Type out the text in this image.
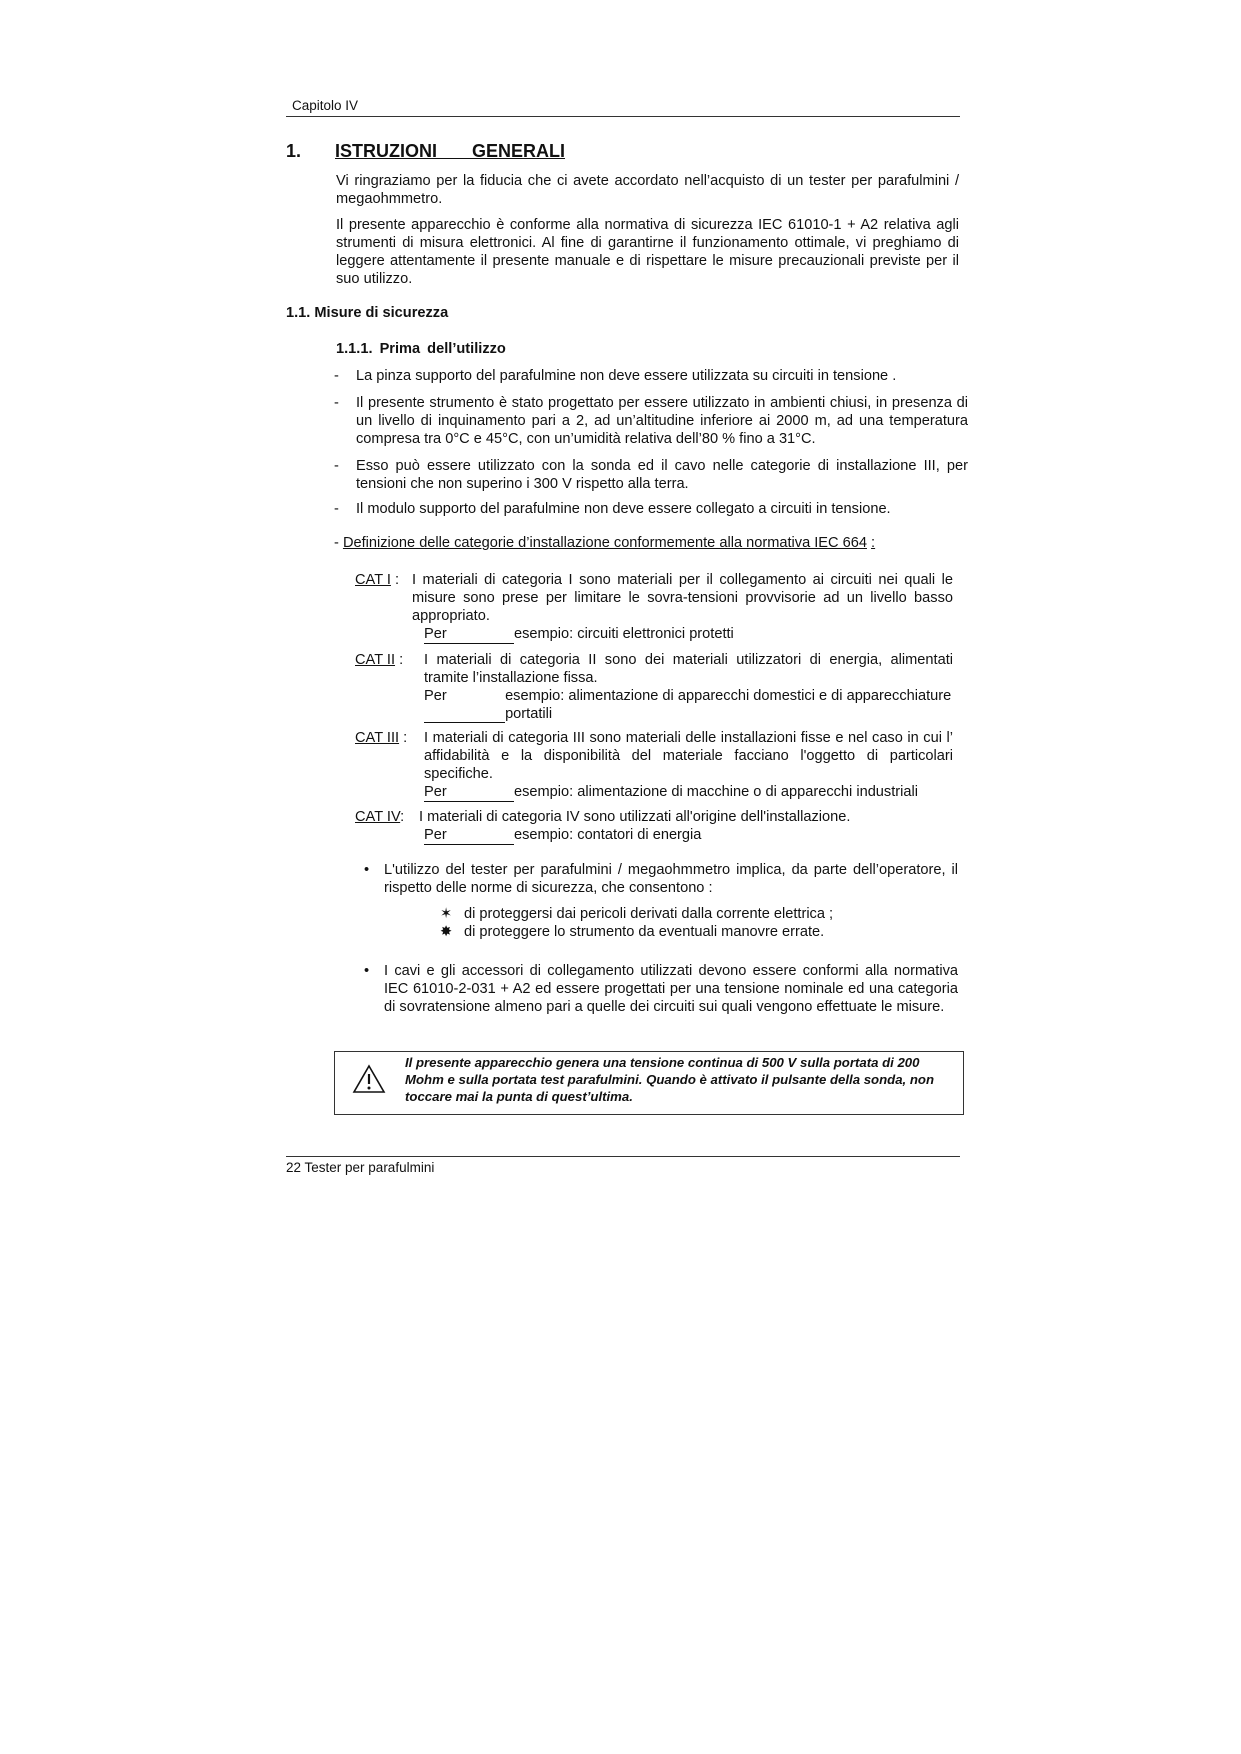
Capitolo IV
1. ISTRUZIONI GENERALI
Vi ringraziamo per la fiducia che ci avete accordato nell’acquisto di un tester per parafulmini / megaohmmetro.
Il presente apparecchio è conforme alla normativa di sicurezza IEC 61010-1 + A2 relativa agli strumenti di misura elettronici. Al fine di garantirne il funzionamento ottimale, vi preghiamo di leggere attentamente il presente manuale e di rispettare le misure precauzionali previste per il suo utilizzo.
1.1. Misure di sicurezza
1.1.1. Prima dell’utilizzo
- La pinza supporto del parafulmine non deve essere utilizzata su circuiti in tensione .
- Il presente strumento è stato progettato per essere utilizzato in ambienti chiusi, in presenza di un livello di inquinamento pari a 2, ad un’altitudine inferiore ai 2000 m, ad una temperatura compresa tra 0°C e 45°C, con un’umidità relativa dell’80 % fino a 31°C.
- Esso può essere utilizzato con la sonda ed il cavo nelle categorie di installazione III, per tensioni che non superino i 300 V rispetto alla terra.
- Il modulo supporto del parafulmine non deve essere collegato a circuiti in tensione.
- Definizione delle categorie d’installazione conformemente alla normativa IEC 664 :
CAT I : I materiali di categoria I sono materiali per il collegamento ai circuiti nei quali le misure sono prese per limitare le sovra-tensioni provvisorie ad un livello basso appropriato.
Per	esempio: circuiti elettronici protetti
CAT II :	I materiali di categoria II sono dei materiali utilizzatori di energia, alimentati tramite l’installazione fissa.
Per	esempio: alimentazione di apparecchi domestici e di apparecchiature portatili
CAT III :	I materiali di categoria III sono materiali delle installazioni fisse e nel caso in cui l’ affidabilità e la disponibilità del materiale facciano l'oggetto di particolari specifiche.
Per	esempio: alimentazione di macchine o di apparecchi industriali
CAT IV:	I materiali di categoria IV sono utilizzati all'origine dell'installazione.
Per	esempio: contatori di energia
• L'utilizzo del tester per parafulmini / megaohmmetro implica, da parte dell’operatore, il rispetto delle norme di sicurezza, che consentono :
✶ di proteggersi dai pericoli derivati dalla corrente elettrica ;
✸ di proteggere lo strumento da eventuali manovre errate.
• I cavi e gli accessori di collegamento utilizzati devono essere conformi alla normativa IEC 61010-2-031 + A2 ed essere progettati per una tensione nominale ed una categoria di sovratensione almeno pari a quelle dei circuiti sui quali vengono effettuate le misure.
Il presente apparecchio genera una tensione continua di 500 V sulla portata di 200 Mohm e sulla portata test parafulmini. Quando è attivato il pulsante della sonda, non toccare mai la punta di quest’ultima.
22 Tester per parafulmini
